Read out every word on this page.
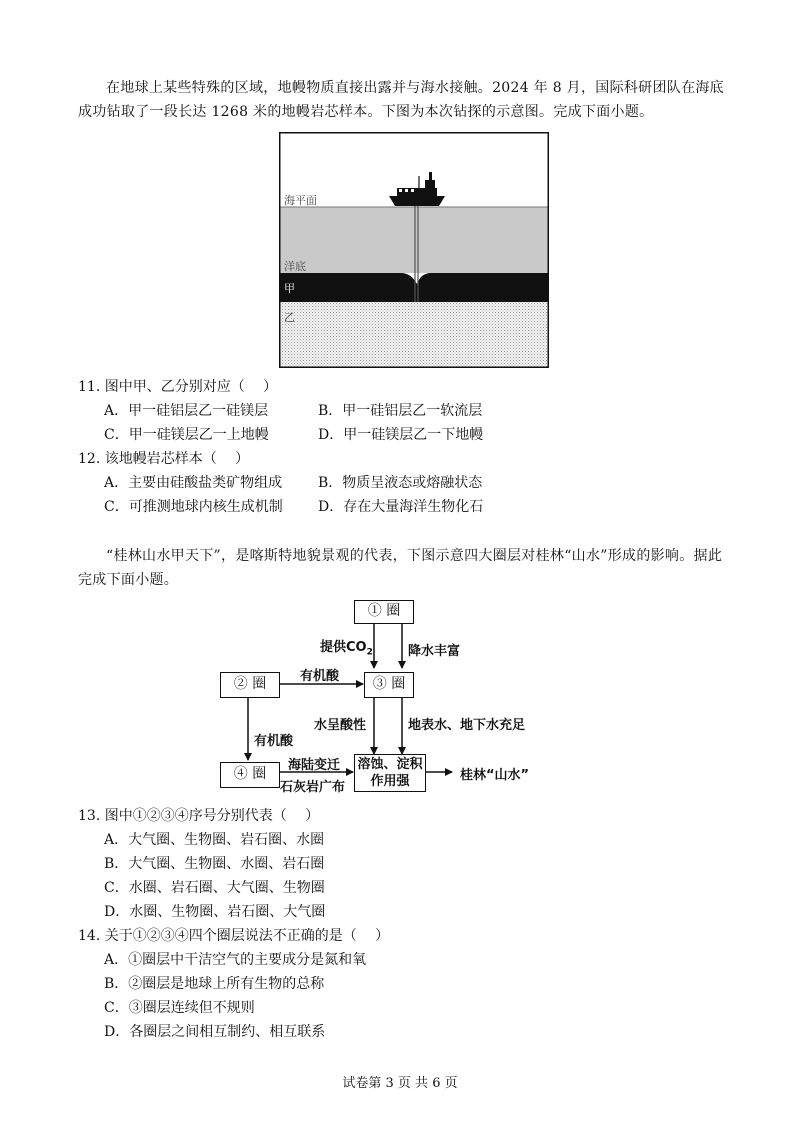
在地球上某些特殊的区域，地幔物质直接出露并与海水接触。2024 年 8 月，国际科研团队在海底成功钻取了一段长达 1268 米的地幔岩芯样本。下图为本次钻探的示意图。完成下面小题。
海平面
洋底
甲
乙
11. 图中甲、乙分别对应（　 ）
A．甲一硅铝层乙一硅镁层	B．甲一硅铝层乙一软流层
C．甲一硅镁层乙一上地幔	D．甲一硅镁层乙一下地幔
12. 该地幔岩芯样本（　 ）
A．主要由硅酸盐类矿物组成	B．物质呈液态或熔融状态
C．可推测地球内核生成机制	D．存在大量海洋生物化石
“桂林山水甲天下”，是喀斯特地貌景观的代表，下图示意四大圈层对桂林“山水”形成的影响。据此完成下面小题。
① 圈
② 圈	③ 圈
④ 圈
溶蚀、淀积
作用强
提供$CO_2$	降水丰富
有机酸
有机酸
水呈酸性	地表水、地下水充足
海陆变迁
石灰岩广布
桂林“山水”
13. 图中①②③④序号分别代表（　 ）
A．大气圈、生物圈、岩石圈、水圈
B．大气圈、生物圈、水圈、岩石圈
C．水圈、岩石圈、大气圈、生物圈
D．水圈、生物圈、岩石圈、大气圈
14. 关于①②③④四个圈层说法不正确的是（　 ）
A．①圈层中干洁空气的主要成分是氮和氧
B．②圈层是地球上所有生物的总称
C．③圈层连续但不规则
D．各圈层之间相互制约、相互联系
试卷第 3 页 共 6 页
